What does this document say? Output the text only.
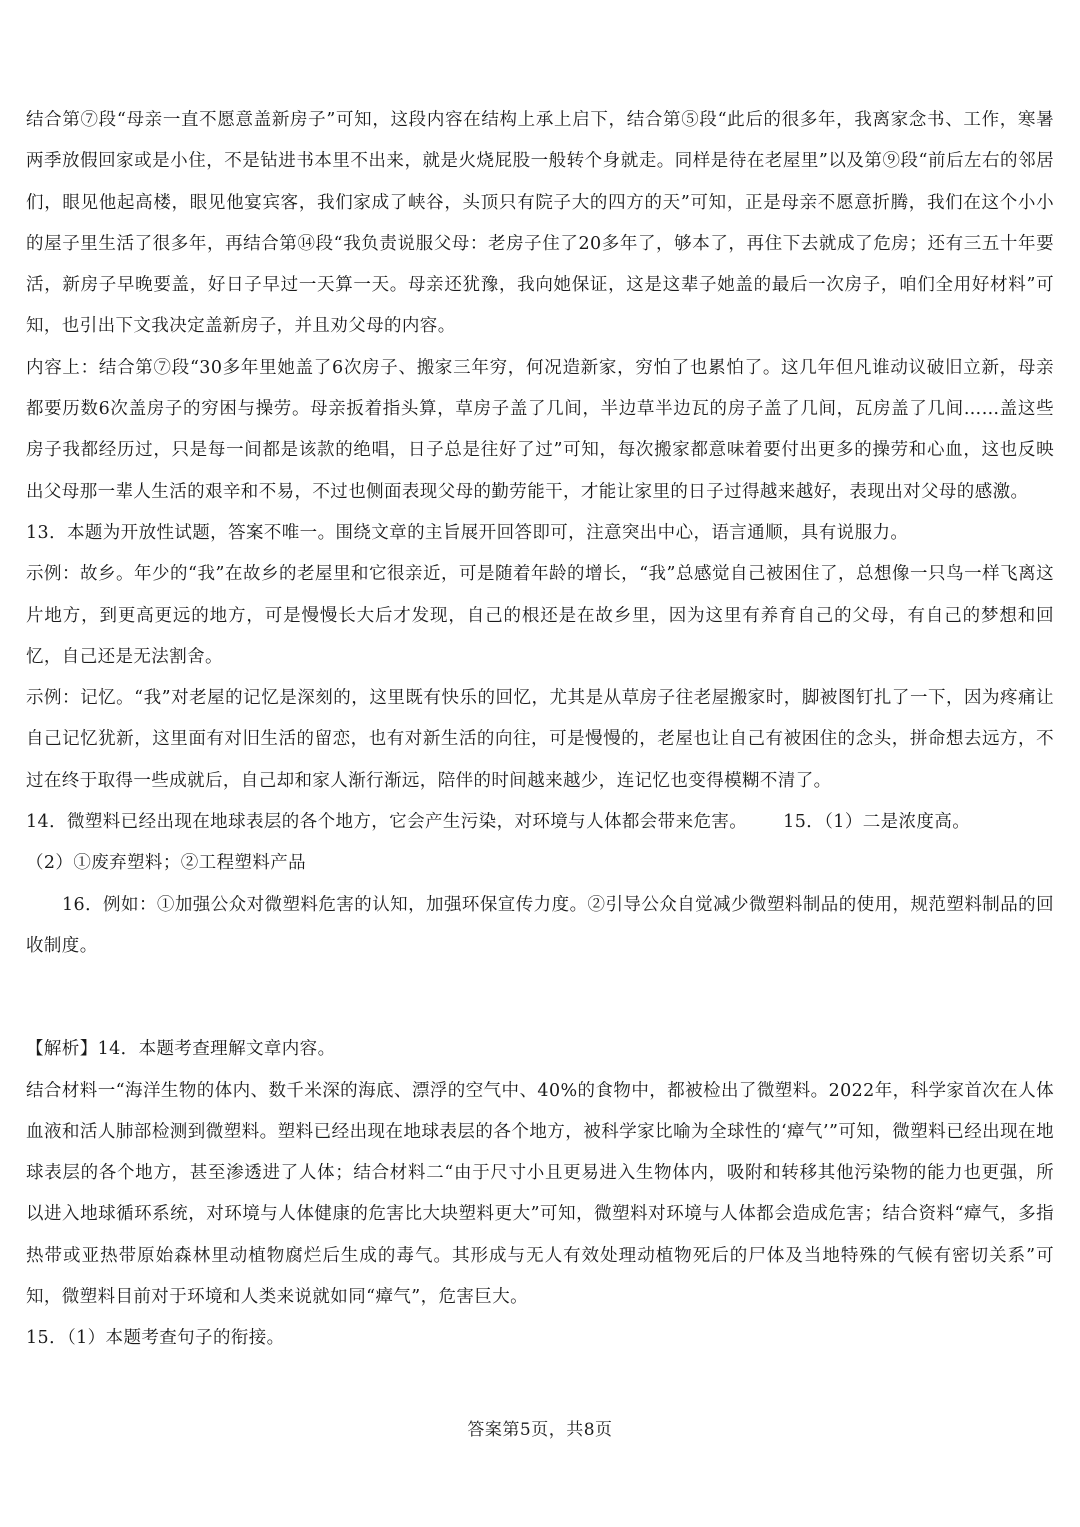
结合第⑦段“母亲一直不愿意盖新房子”可知，这段内容在结构上承上启下，结合第⑤段“此后的很多年，我离家念书、工作，寒暑两季放假回家或是小住，不是钻进书本里不出来，就是火烧屁股一般转个身就走。同样是待在老屋里”以及第⑨段“前后左右的邻居们，眼见他起高楼，眼见他宴宾客，我们家成了峡谷，头顶只有院子大的四方的天”可知，正是母亲不愿意折腾，我们在这个小小的屋子里生活了很多年，再结合第⑭段“我负责说服父母：老房子住了20多年了，够本了，再住下去就成了危房；还有三五十年要活，新房子早晚要盖，好日子早过一天算一天。母亲还犹豫，我向她保证，这是这辈子她盖的最后一次房子，咱们全用好材料”可知，也引出下文我决定盖新房子，并且劝父母的内容。

内容上：结合第⑦段“30多年里她盖了6次房子、搬家三年穷，何况造新家，穷怕了也累怕了。这几年但凡谁动议破旧立新，母亲都要历数6次盖房子的穷困与操劳。母亲扳着指头算，草房子盖了几间，半边草半边瓦的房子盖了几间，瓦房盖了几间……盖这些房子我都经历过，只是每一间都是该款的绝唱，日子总是往好了过”可知，每次搬家都意味着要付出更多的操劳和心血，这也反映出父母那一辈人生活的艰辛和不易，不过也侧面表现父母的勤劳能干，才能让家里的日子过得越来越好，表现出对父母的感激。

13．本题为开放性试题，答案不唯一。围绕文章的主旨展开回答即可，注意突出中心，语言通顺，具有说服力。

示例：故乡。年少的“我”在故乡的老屋里和它很亲近，可是随着年龄的增长，“我”总感觉自己被困住了，总想像一只鸟一样飞离这片地方，到更高更远的地方，可是慢慢长大后才发现，自己的根还是在故乡里，因为这里有养育自己的父母，有自己的梦想和回忆，自己还是无法割舍。

示例：记忆。“我”对老屋的记忆是深刻的，这里既有快乐的回忆，尤其是从草房子往老屋搬家时，脚被图钉扎了一下，因为疼痛让自己记忆犹新，这里面有对旧生活的留恋，也有对新生活的向往，可是慢慢的，老屋也让自己有被困住的念头，拼命想去远方，不过在终于取得一些成就后，自己却和家人渐行渐远，陪伴的时间越来越少，连记忆也变得模糊不清了。

14．微塑料已经出现在地球表层的各个地方，它会产生污染，对环境与人体都会带来危害。 15．（1）二是浓度高。

（2）①废弃塑料；②工程塑料产品

16．例如：①加强公众对微塑料危害的认知，加强环保宣传力度。②引导公众自觉减少微塑料制品的使用，规范塑料制品的回收制度。

【解析】14．本题考查理解文章内容。

结合材料一“海洋生物的体内、数千米深的海底、漂浮的空气中、40%的食物中，都被检出了微塑料。2022年，科学家首次在人体血液和活人肺部检测到微塑料。塑料已经出现在地球表层的各个地方，被科学家比喻为全球性的‘瘴气’”可知，微塑料已经出现在地球表层的各个地方，甚至渗透进了人体；结合材料二“由于尺寸小且更易进入生物体内，吸附和转移其他污染物的能力也更强，所以进入地球循环系统，对环境与人体健康的危害比大块塑料更大”可知，微塑料对环境与人体都会造成危害；结合资料“瘴气，多指热带或亚热带原始森林里动植物腐烂后生成的毒气。其形成与无人有效处理动植物死后的尸体及当地特殊的气候有密切关系”可知，微塑料目前对于环境和人类来说就如同“瘴气”，危害巨大。

15．（1）本题考查句子的衔接。

答案第5页，共8页
